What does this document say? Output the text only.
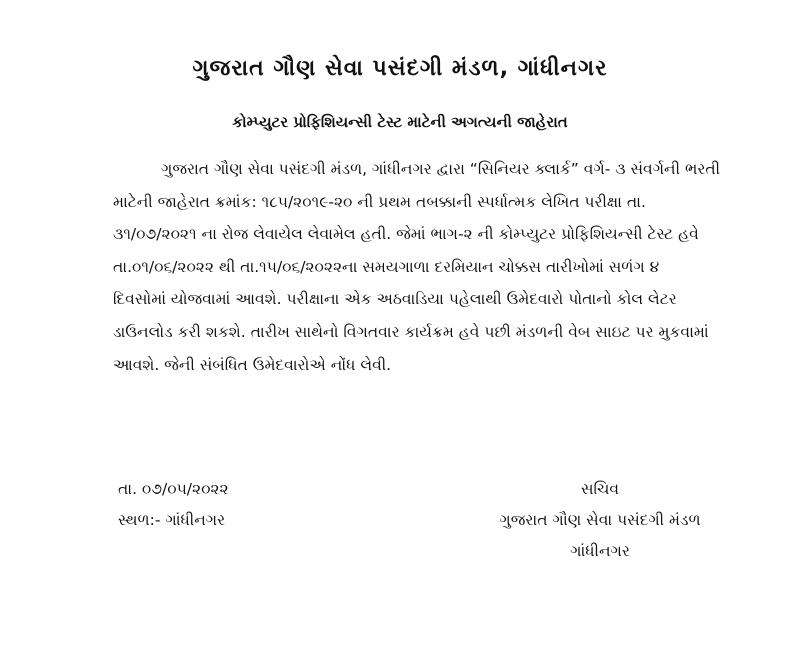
ગુજરાત ગૌણ સેવા પસંદગી મંડળ, ગાંધીનગર
કોમ્પ્યુટર પ્રોફિશિયન્સી ટેસ્ટ માટેની અગત્યની જાહેરાત
ગુજરાત ગૌણ સેવા પસંદગી મંડળ, ગાંધીનગર દ્વારા “સિનિયર ક્લાર્ક” વર્ગ- ૩ સંવર્ગની ભરતી
માટેની જાહેરાત ક્રમાંક: ૧૮૫/૨૦૧૯-૨૦ ની પ્રથમ તબક્કાની સ્પર્ધાત્મક લેખિત પરીક્ષા તા.
૩૧/૦૭/૨૦૨૧ ના રોજ લેવાયેલ લેવામેલ હતી. જેમાં ભાગ-૨ ની કોમ્પ્યુટર પ્રોફિશિયન્સી ટેસ્ટ હવે
તા.૦૧/૦૬/૨૦૨૨ થી તા.૧૫/૦૬/૨૦૨૨ના સમયગાળા દરમિયાન ચોક્કસ તારીખોમાં સળંગ ૪
દિવસોમાં યોજવામાં આવશે. પરીક્ષાના એક અઠવાડિયા પહેલાથી ઉમેદવારો પોતાનો કોલ લેટર
ડાઉનલોડ કરી શકશે. તારીખ સાથેનો વિગતવાર કાર્યક્રમ હવે પછી મંડળની વેબ સાઇટ પર મુકવામાં
આવશે. જેની સંબંધિત ઉમેદવારોએ નોંધ લેવી.
તા. ૦૭/૦૫/૨૦૨૨
સ્થળ:- ગાંધીનગર
સચિવ
ગુજરાત ગૌણ સેવા પસંદગી મંડળ
ગાંધીનગર
